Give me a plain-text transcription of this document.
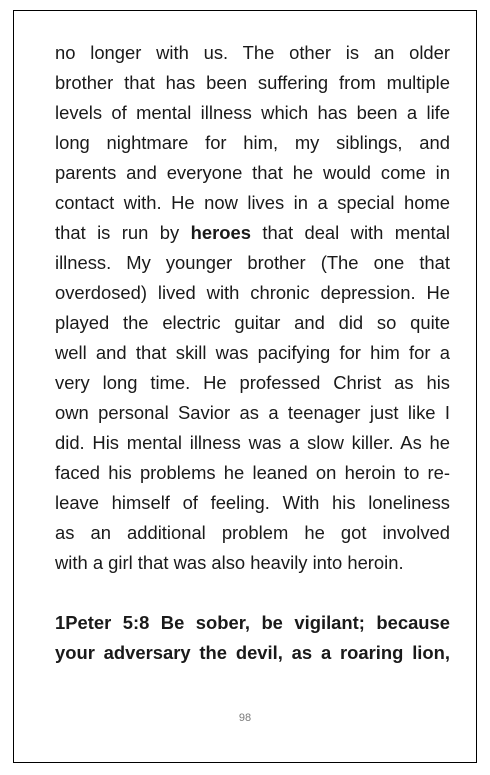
no longer with us. The other is an older
brother that has been suffering from multiple
levels of mental illness which has been a life
long nightmare for him, my siblings, and
parents and everyone that he would come in
contact with. He now lives in a special home
that is run by heroes that deal with mental
illness. My younger brother (The one that
overdosed) lived with chronic depression. He
played the electric guitar and did so quite
well and that skill was pacifying for him for a
very long time. He professed Christ as his
own personal Savior as a teenager just like I
did. His mental illness was a slow killer. As he
faced his problems he leaned on heroin to re-
leave himself of feeling. With his loneliness
as an additional problem he got involved
with a girl that was also heavily into heroin.
1Peter 5:8 Be sober, be vigilant; because
your adversary the devil, as a roaring lion,
98
